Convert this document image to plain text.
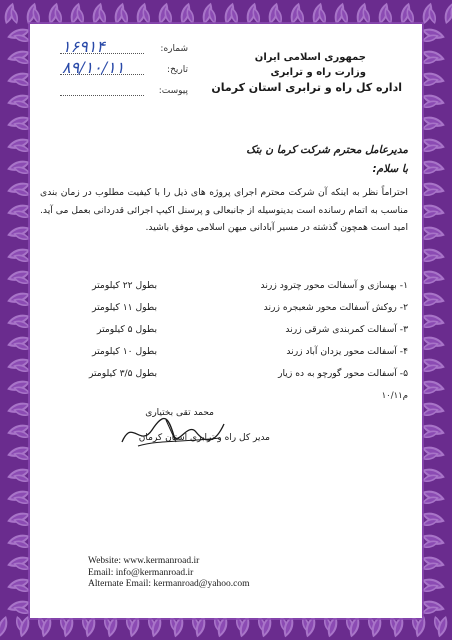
شماره:
۱۶۹۱۴
تاریخ:
۸۹/۱۰/۱۱
پیوست:
جمهوری اسلامی ایران
وزارت راه و ترابری
اداره کل راه و ترابری استان کرمان
مدیرعامل محترم شرکت کرما ن بتک
با سلام:
احتراماً نظر به اینکه آن شرکت محترم اجرای پروژه های ذیل را با کیفیت مطلوب در زمان بندی مناسب به اتمام رسانده است بدینوسیله از جانبعالی و پرسنل اکیپ اجرائی قدردانی بعمل می آید. امید است همچون گذشته در مسیر آبادانی میهن اسلامی موفق باشید.
۱- بهسازی و آسفالت محور چترود زرند
بطول ۲۲ کیلومتر
۲- روکش آسفالت محور شعبجره زرند
بطول ۱۱ کیلومتر
۳- آسفالت کمربندی شرقی زرند
بطول ۵ کیلومتر
۴- آسفالت محور یزدان آباد زرند
بطول ۱۰ کیلومتر
۵- آسفالت محور گورچو به ده زیار
بطول ۳/۵ کیلومتر
م۱۰/۱۱
محمد تقی بختیاری
مدیر کل راه و ترابری استان کرمان
Website: www.kermanroad.ir
Email: info@kermanroad.ir
Alternate Email: kermanroad@yahoo.com
